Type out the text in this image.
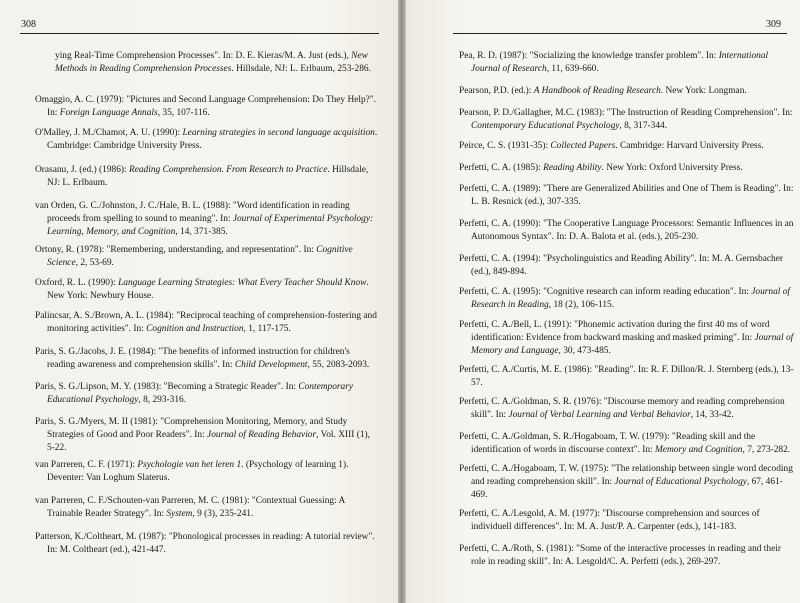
308
ying Real-Time Comprehension Processes". In: D. E. Kieras/M. A. Just (eds.), New Methods in Reading Comprehension Processes. Hillsdale, NJ: L. Erlbaum, 253-286.
Omaggio, A. C. (1979): "Pictures and Second Language Comprehension: Do They Help?". In: Foreign Language Annals, 35, 107-116.
O'Malley, J. M./Chamot, A. U. (1990): Learning strategies in second language acquisition. Cambridge: Cambridge University Press.
Orasanu, J. (ed.) (1986): Reading Comprehension. From Research to Practice. Hillsdale, NJ: L. Erlbaum.
van Orden, G. C./Johnston, J. C./Hale, B. L. (1988): "Word identification in reading proceeds from spelling to sound to meaning". In: Journal of Experimental Psychology: Learning, Memory, and Cognition, 14, 371-385.
Ortony, R. (1978): "Remembering, understanding, and representation". In: Cognitive Science, 2, 53-69.
Oxford, R. L. (1990): Language Learning Strategies: What Every Teacher Should Know. New York: Newbury House.
Palincsar, A. S./Brown, A. L. (1984): "Reciprocal teaching of comprehension-fostering and monitoring activities". In: Cognition and Instruction, 1, 117-175.
Paris, S. G./Jacobs, J. E. (1984): "The benefits of informed instruction for children's reading awareness and comprehension skills". In: Child Development, 55, 2083-2093.
Paris, S. G./Lipson, M. Y. (1983): "Becoming a Strategic Reader". In: Contemporary Educational Psychology, 8, 293-316.
Paris, S. G./Myers, M. II (1981): "Comprehension Monitoring, Memory, and Study Strategies of Good and Poor Readers". In: Journal of Reading Behavior, Vol. XIII (1), 5-22.
van Parreren, C. F. (1971): Psychologie van het leren 1. (Psychology of learning 1). Deventer: Van Loghum Slaterus.
van Parreren, C. F./Schouten-van Parreren, M. C. (1981): "Contextual Guessing: A Trainable Reader Strategy". In: System, 9 (3), 235-241.
Patterson, K./Coltheart, M. (1987): "Phonological processes in reading: A tutorial review". In: M. Coltheart (ed.), 421-447.
309
Pea, R. D. (1987): "Socializing the knowledge transfer problem". In: International Journal of Research, 11, 639-660.
Pearson, P.D. (ed.): A Handbook of Reading Research. New York: Longman.
Pearson, P. D./Gallagher, M.C. (1983): "The Instruction of Reading Comprehension". In: Contemporary Educational Psychology, 8, 317-344.
Peirce, C. S. (1931-35): Collected Papers. Cambridge: Harvard University Press.
Perfetti, C. A. (1985): Reading Ability. New York: Oxford University Press.
Perfetti, C. A. (1989): "There are Generalized Abilities and One of Them is Reading". In: L. B. Resnick (ed.), 307-335.
Perfetti, C. A. (1990): "The Cooperative Language Processors: Semantic Influences in an Autonomous Syntax". In: D. A. Balota et al. (eds.), 205-230.
Perfetti, C. A. (1994): "Psycholinguistics and Reading Ability". In: M. A. Gernsbacher (ed.), 849-894.
Perfetti, C. A. (1995): "Cognitive research can inform reading education". In: Journal of Research in Reading, 18 (2), 106-115.
Perfetti, C. A./Bell, L. (1991): "Phonemic activation during the first 40 ms of word identification: Evidence from backward masking and masked priming". In: Journal of Memory and Language, 30, 473-485.
Perfetti, C. A./Curtis, M. E. (1986): "Reading". In: R. F. Dillon/R. J. Sternberg (eds.), 13-57.
Perfetti, C. A./Goldman, S. R. (1976): "Discourse memory and reading comprehension skill". In: Journal of Verbal Learning and Verbal Behavior, 14, 33-42.
Perfetti, C. A./Goldman, S. R./Hogaboam, T. W. (1979): "Reading skill and the identification of words in discourse context". In: Memory and Cognition, 7, 273-282.
Perfetti, C. A./Hogaboam, T. W. (1975): "The relationship between single word decoding and reading comprehension skill". In: Journal of Educational Psychology, 67, 461-469.
Perfetti, C. A./Lesgold, A. M. (1977): "Discourse comprehension and sources of individuell differences". In: M. A. Just/P. A. Carpenter (eds.), 141-183.
Perfetti, C. A./Roth, S. (1981): "Some of the interactive processes in reading and their role in reading skill". In: A. Lesgold/C. A. Perfetti (eds.), 269-297.
